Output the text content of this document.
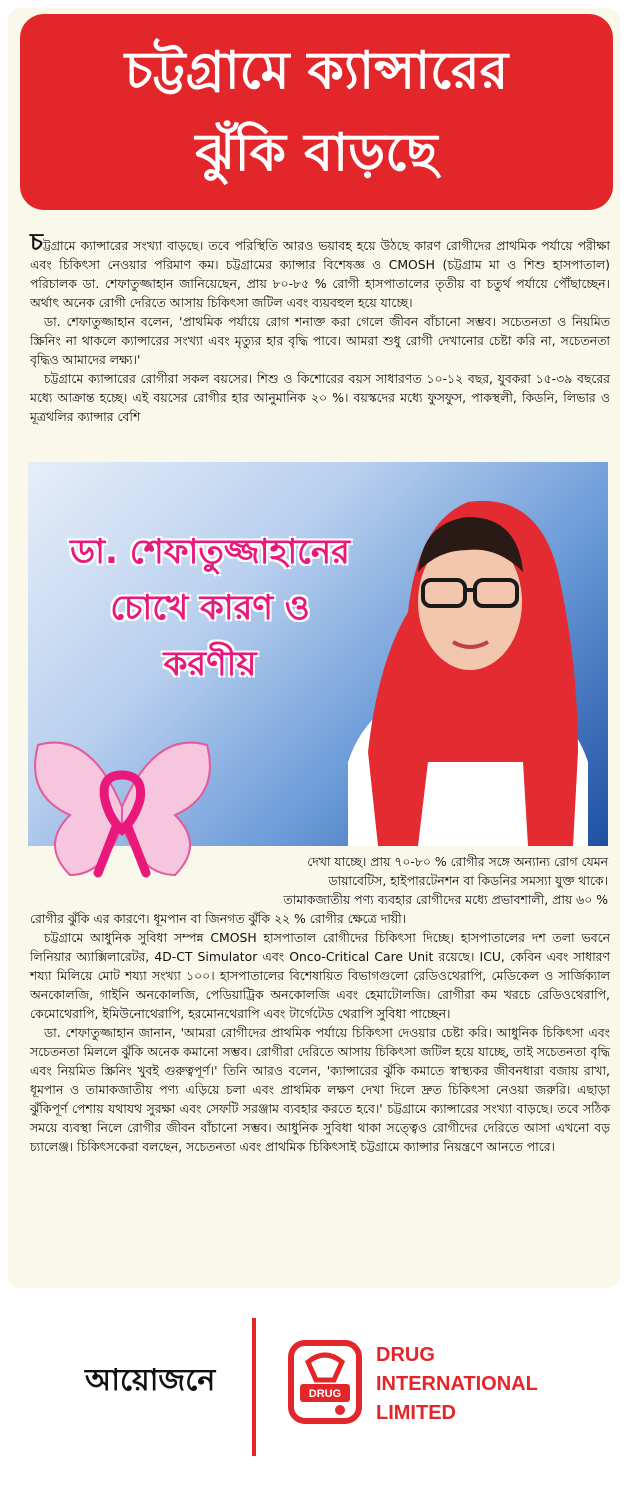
চট্টগ্রামে ক্যান্সারের
ঝুঁকি বাড়ছে

চট্টগ্রামে ক্যান্সারের সংখ্যা বাড়ছে। তবে পরিস্থিতি আরও ভয়াবহ হয়ে উঠছে কারণ রোগীদের প্রাথমিক পর্যায়ে পরীক্ষা এবং চিকিৎসা নেওয়ার পরিমাণ কম। চট্টগ্রামের ক্যান্সার বিশেষজ্ঞ ও CMOSH (চট্টগ্রাম মা ও শিশু হাসপাতাল) পরিচালক ডা. শেফাতুজ্জাহান জানিয়েছেন, প্রায় ৮০-৮৫ % রোগী হাসপাতালের তৃতীয় বা চতুর্থ পর্যায়ে পৌঁছাচ্ছেন। অর্থাৎ অনেক রোগী দেরিতে আসায় চিকিৎসা জটিল এবং ব্যয়বহুল হয়ে যাচ্ছে।

ডা. শেফাতুজ্জাহান বলেন, 'প্রাথমিক পর্যায়ে রোগ শনাক্ত করা গেলে জীবন বাঁচানো সম্ভব। সচেতনতা ও নিয়মিত স্ক্রিনিং না থাকলে ক্যান্সারের সংখ্যা এবং মৃত্যুর হার বৃদ্ধি পাবে। আমরা শুধু রোগী দেখানোর চেষ্টা করি না, সচেতনতা বৃদ্ধিও আমাদের লক্ষ্য।'

চট্টগ্রামে ক্যান্সারের রোগীরা সকল বয়সের। শিশু ও কিশোরের বয়স সাধারণত ১০-১২ বছর, যুবকরা ১৫-৩৯ বছরের মধ্যে আক্রান্ত হচ্ছে। এই বয়সের রোগীর হার আনুমানিক ২০ %। বয়স্কদের মধ্যে ফুসফুস, পাকস্থলী, কিডনি, লিভার ও মূত্রথলির ক্যান্সার বেশি

ডা. শেফাতুজ্জাহানের
চোখে কারণ ও
করণীয়

দেখা যাচ্ছে। প্রায় ৭০-৮০ % রোগীর সঙ্গে অন্যান্য রোগ যেমন

ডায়াবেটিস, হাইপারটেনশন বা কিডনির সমস্যা যুক্ত থাকে।

তামাকজাতীয় পণ্য ব্যবহার রোগীদের মধ্যে প্রভাবশালী, প্রায় ৬০ %

রোগীর ঝুঁকি এর কারণে। ধূমপান বা জিনগত ঝুঁকি ২২ % রোগীর ক্ষেত্রে দায়ী।

চট্টগ্রামে আধুনিক সুবিধা সম্পন্ন CMOSH হাসপাতাল রোগীদের চিকিৎসা দিচ্ছে। হাসপাতালের দশ তলা ভবনে লিনিয়ার অ্যাক্সিলারেটর, 4D-CT Simulator এবং Onco-Critical Care Unit রয়েছে। ICU, কেবিন এবং সাধারণ শয্যা মিলিয়ে মোট শয্যা সংখ্যা ১০০। হাসপাতালের বিশেষায়িত বিভাগগুলো রেডিওথেরাপি, মেডিকেল ও সার্জিক্যাল অনকোলজি, গাইনি অনকোলজি, পেডিয়াট্রিক অনকোলজি এবং হেমাটোলজি। রোগীরা কম খরচে রেডিওথেরাপি, কেমোথেরাপি, ইমিউনোথেরাপি, হরমোনথেরাপি এবং টার্গেটেড থেরাপি সুবিধা পাচ্ছেন।

ডা. শেফাতুজ্জাহান জানান, 'আমরা রোগীদের প্রাথমিক পর্যায়ে চিকিৎসা দেওয়ার চেষ্টা করি। আধুনিক চিকিৎসা এবং সচেতনতা মিললে ঝুঁকি অনেক কমানো সম্ভব। রোগীরা দেরিতে আসায় চিকিৎসা জটিল হয়ে যাচ্ছে, তাই সচেতনতা বৃদ্ধি এবং নিয়মিত স্ক্রিনিং খুবই গুরুত্বপূর্ণ।' তিনি আরও বলেন, 'ক্যান্সারের ঝুঁকি কমাতে স্বাস্থ্যকর জীবনধারা বজায় রাখা, ধূমপান ও তামাকজাতীয় পণ্য এড়িয়ে চলা এবং প্রাথমিক লক্ষণ দেখা দিলে দ্রুত চিকিৎসা নেওয়া জরুরি। এছাড়া ঝুঁকিপূর্ণ পেশায় যথাযথ সুরক্ষা এবং সেফটি সরঞ্জাম ব্যবহার করতে হবে।' চট্টগ্রামে ক্যান্সারের সংখ্যা বাড়ছে। তবে সঠিক সময়ে ব্যবস্থা নিলে রোগীর জীবন বাঁচানো সম্ভব। আধুনিক সুবিধা থাকা সত্ত্বেও রোগীদের দেরিতে আসা এখনো বড় চ্যালেঞ্জ। চিকিৎসকেরা বলছেন, সচেতনতা এবং প্রাথমিক চিকিৎসাই চট্টগ্রামে ক্যান্সার নিয়ন্ত্রণে আনতে পারে।

আয়োজনে	DRUG
DRUG
INTERNATIONAL
LIMITED
